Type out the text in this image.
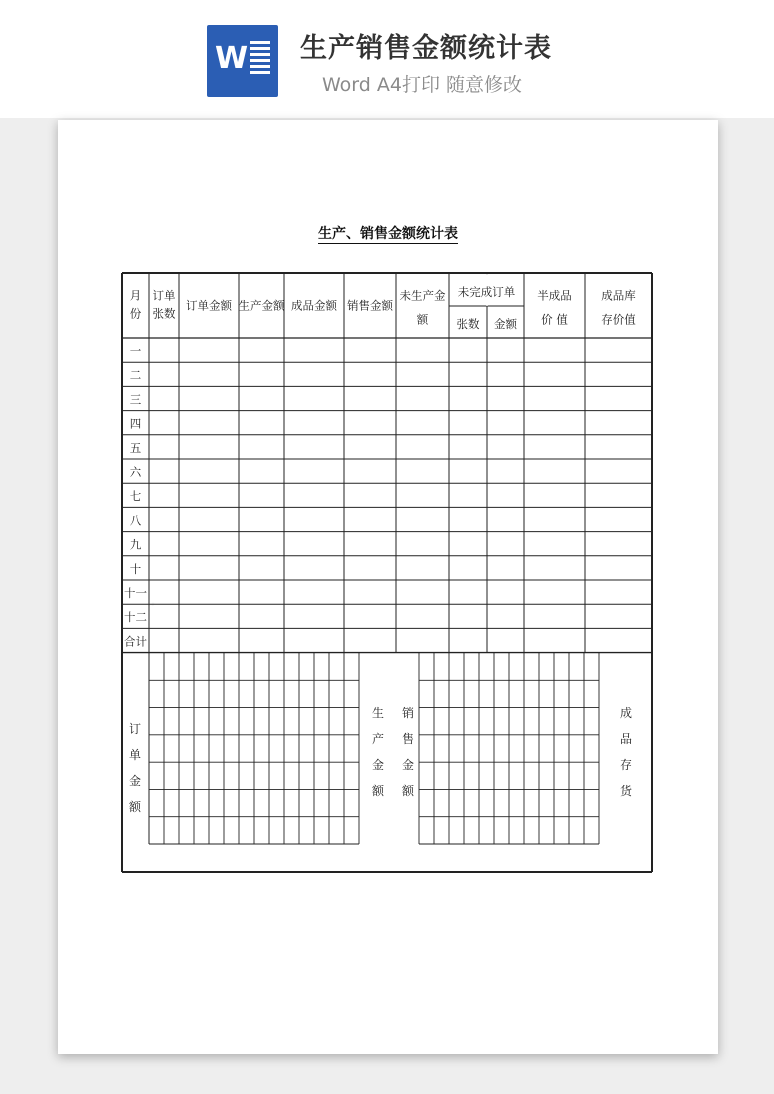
W 生产销售金额统计表
Word A4打印 随意修改
生产、销售金额统计表
月
份
订单
张数
订单金额 生产金额 成品金额 销售金额
未生产金
额
未完成订单
张数 金额
半成品
价 值
成品库
存价值
一
二
三
四
五
六
七
八
九
十
十一
十二
合计
订
单
金
额
生
产
金
额
销
售
金
额
成
品
存
货
